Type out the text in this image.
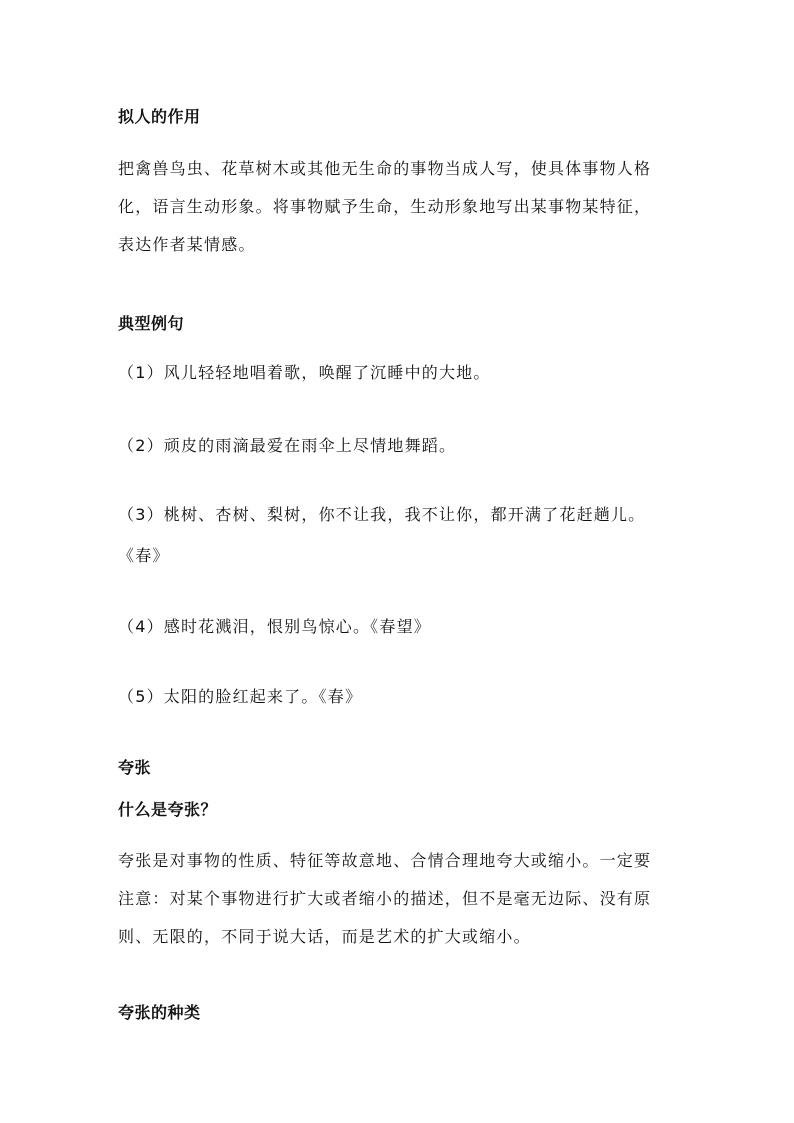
拟人的作用
把禽兽鸟虫、花草树木或其他无生命的事物当成人写，使具体事物人格
化，语言生动形象。将事物赋予生命，生动形象地写出某事物某特征，
表达作者某情感。
典型例句
（1）风儿轻轻地唱着歌，唤醒了沉睡中的大地。
（2）顽皮的雨滴最爱在雨伞上尽情地舞蹈。
（3）桃树、杏树、梨树，你不让我，我不让你，都开满了花赶趟儿。
《春》
（4）感时花溅泪，恨别鸟惊心。《春望》
（5）太阳的脸红起来了。《春》
夸张
什么是夸张？
夸张是对事物的性质、特征等故意地、合情合理地夸大或缩小。一定要
注意：对某个事物进行扩大或者缩小的描述，但不是毫无边际、没有原
则、无限的，不同于说大话，而是艺术的扩大或缩小。
夸张的种类
